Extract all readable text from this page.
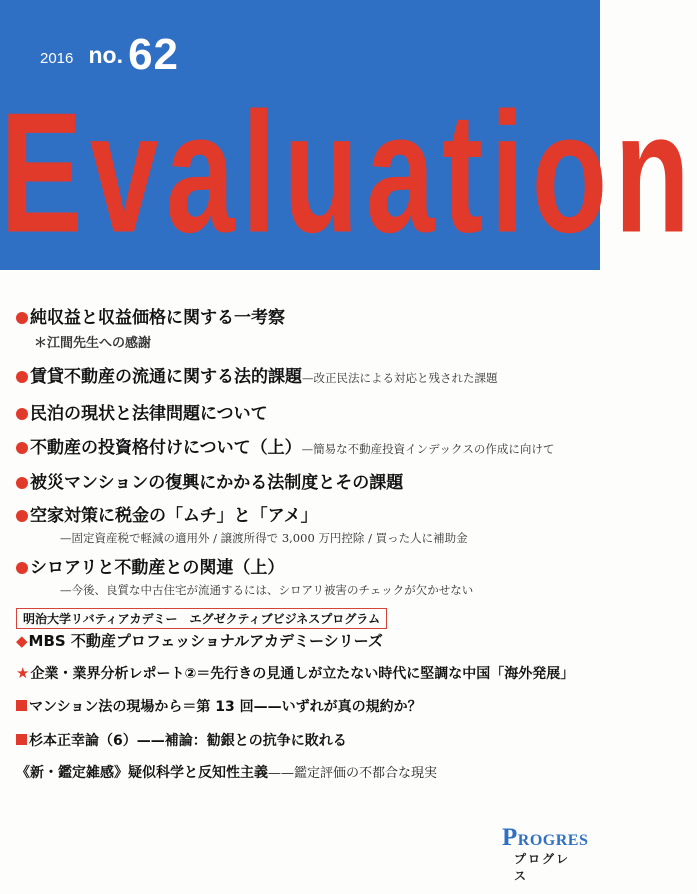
2016 no. 62
Evaluation
純収益と収益価格に関する一考察
＊江間先生への感謝
賃貸不動産の流通に関する法的課題—改正民法による対応と残された課題
民泊の現状と法律問題について
不動産の投資格付けについて（上）—簡易な不動産投資インデックスの作成に向けて
被災マンションの復興にかかる法制度とその課題
空家対策に税金の「ムチ」と「アメ」
—固定資産税で軽減の適用外 / 譲渡所得で 3,000 万円控除 / 買った人に補助金
シロアリと不動産との関連（上）
—今後、良質な中古住宅が流通するには、シロアリ被害のチェックが欠かせない
明治大学リバティアカデミー　エグゼクティブビジネスプログラム
◆MBS 不動産プロフェッショナルアカデミーシリーズ
★企業・業界分析レポート②＝先行きの見通しが立たない時代に堅調な中国「海外発展」
マンション法の現場から＝第 13 回——いずれが真の規約か？
杉本正幸論（6）——補論：勧銀との抗争に敗れる
《新・鑑定雑感》疑似科学と反知性主義——鑑定評価の不都合な現実
PROGRES
プログレス
